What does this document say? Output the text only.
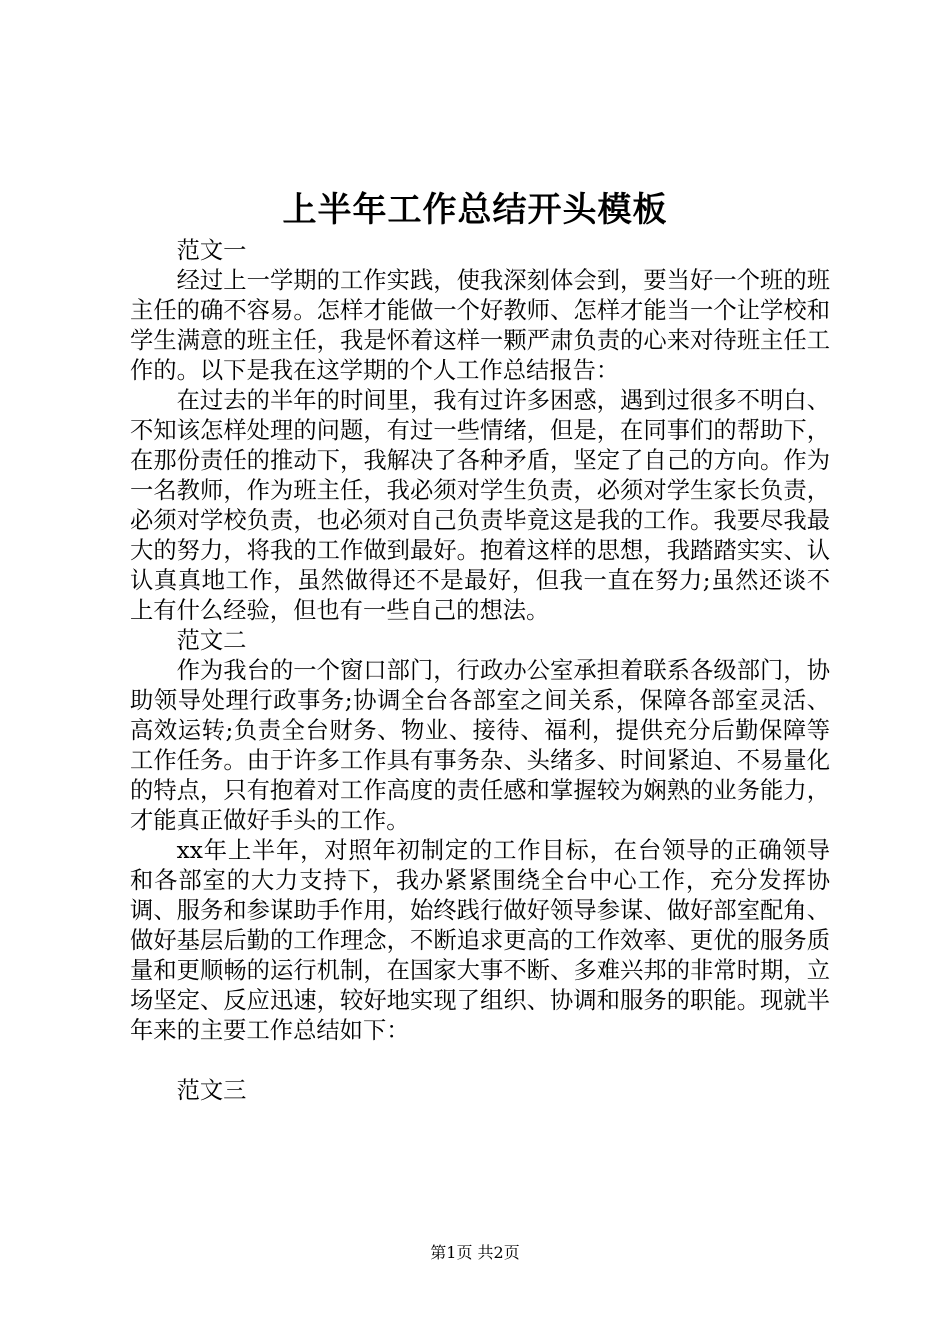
上半年工作总结开头模板

范文一

经过上一学期的工作实践，使我深刻体会到，要当好一个班的班主任的确不容易。怎样才能做一个好教师、怎样才能当一个让学校和学生满意的班主任，我是怀着这样一颗严肃负责的心来对待班主任工作的。以下是我在这学期的个人工作总结报告：

在过去的半年的时间里，我有过许多困惑，遇到过很多不明白、不知该怎样处理的问题，有过一些情绪，但是，在同事们的帮助下，在那份责任的推动下，我解决了各种矛盾，坚定了自己的方向。作为一名教师，作为班主任，我必须对学生负责，必须对学生家长负责，必须对学校负责，也必须对自己负责毕竟这是我的工作。我要尽我最大的努力，将我的工作做到最好。抱着这样的思想，我踏踏实实、认认真真地工作，虽然做得还不是最好，但我一直在努力;虽然还谈不上有什么经验，但也有一些自己的想法。

范文二

作为我台的一个窗口部门，行政办公室承担着联系各级部门，协助领导处理行政事务;协调全台各部室之间关系，保障各部室灵活、高效运转;负责全台财务、物业、接待、福利，提供充分后勤保障等工作任务。由于许多工作具有事务杂、头绪多、时间紧迫、不易量化的特点，只有抱着对工作高度的责任感和掌握较为娴熟的业务能力，才能真正做好手头的工作。

xx年上半年，对照年初制定的工作目标，在台领导的正确领导和各部室的大力支持下，我办紧紧围绕全台中心工作，充分发挥协调、服务和参谋助手作用，始终践行做好领导参谋、做好部室配角、做好基层后勤的工作理念，不断追求更高的工作效率、更优的服务质量和更顺畅的运行机制，在国家大事不断、多难兴邦的非常时期，立场坚定、反应迅速，较好地实现了组织、协调和服务的职能。现就半年来的主要工作总结如下：

范文三

第1页 共2页
